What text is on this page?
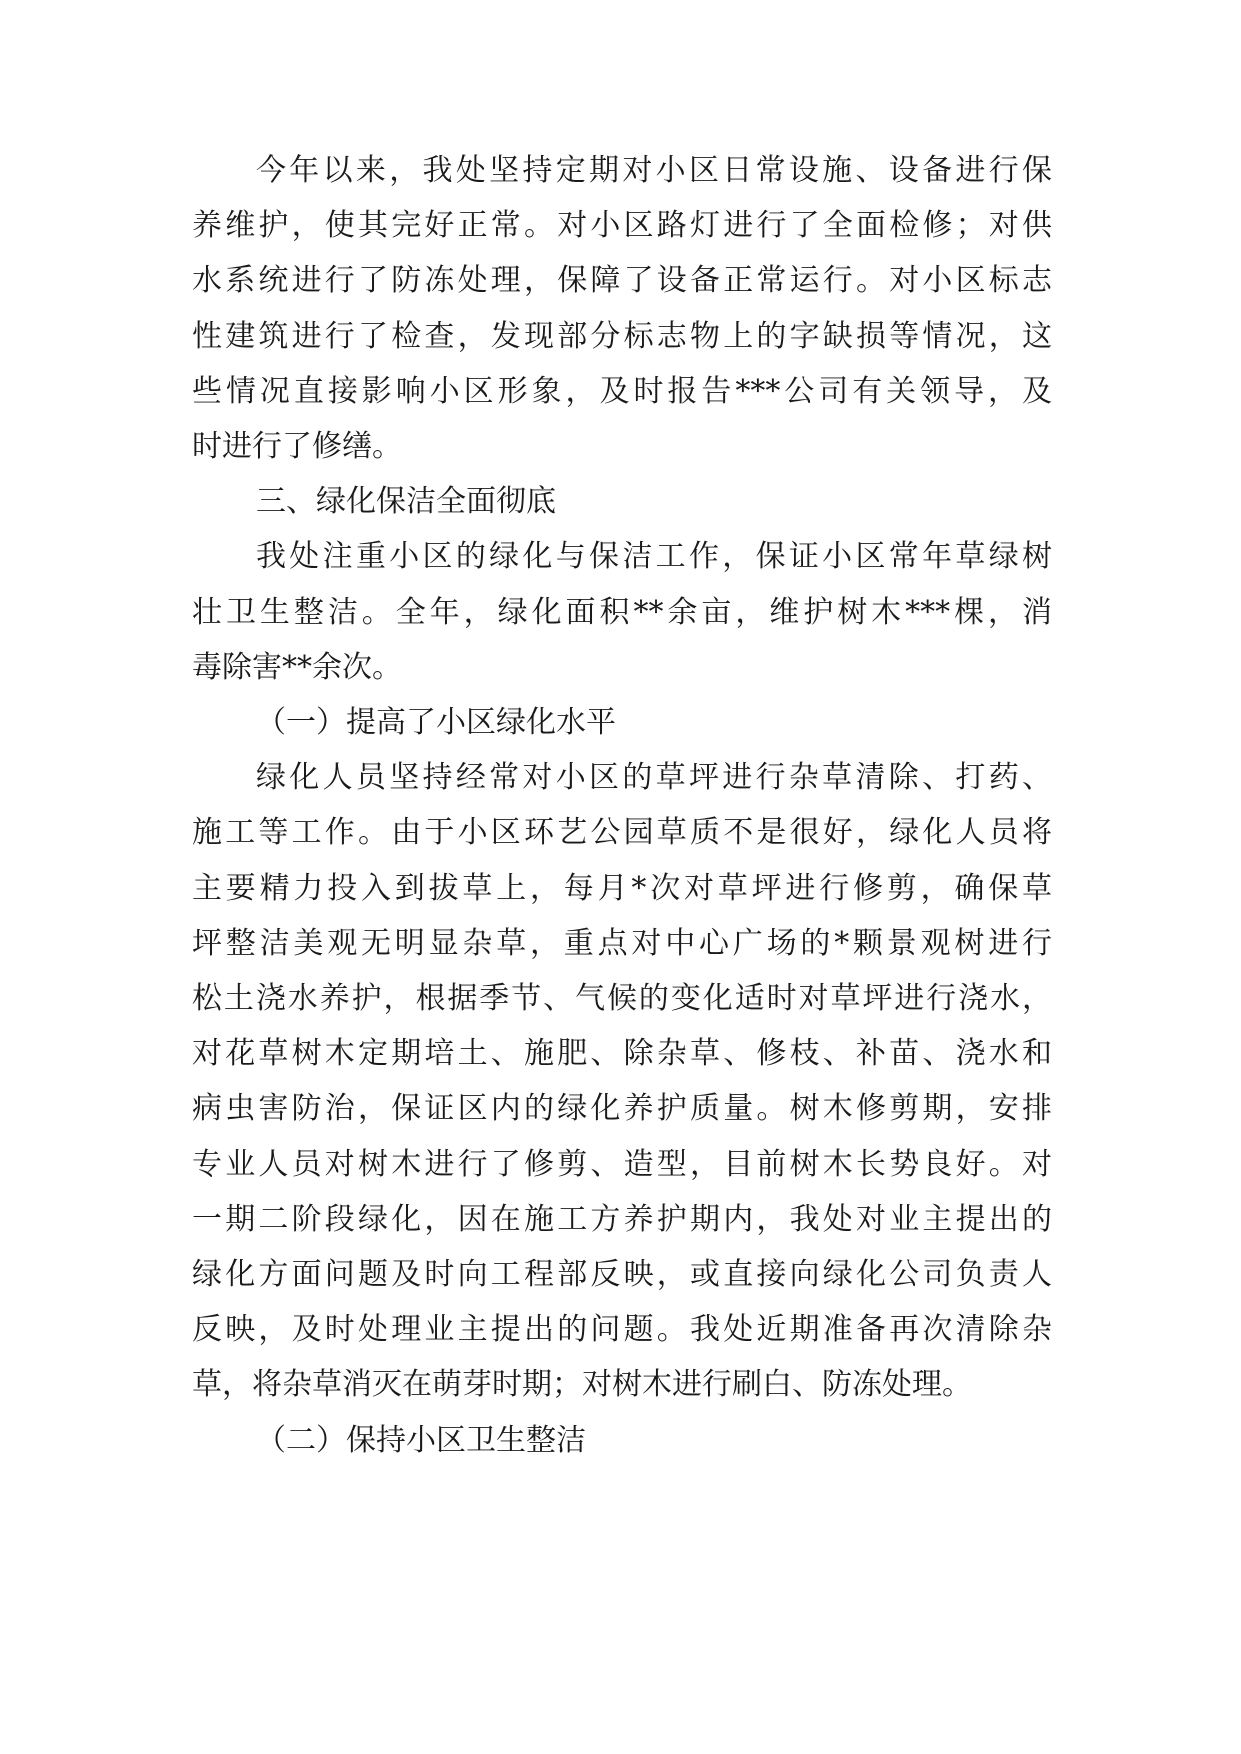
今年以来，我处坚持定期对小区日常设施、设备进行保
养维护，使其完好正常。对小区路灯进行了全面检修；对供
水系统进行了防冻处理，保障了设备正常运行。对小区标志
性建筑进行了检查，发现部分标志物上的字缺损等情况，这
些情况直接影响小区形象，及时报告***公司有关领导，及
时进行了修缮。
三、绿化保洁全面彻底
我处注重小区的绿化与保洁工作，保证小区常年草绿树
壮卫生整洁。全年，绿化面积**余亩，维护树木***棵，消
毒除害**余次。
（一）提高了小区绿化水平
绿化人员坚持经常对小区的草坪进行杂草清除、打药、
施工等工作。由于小区环艺公园草质不是很好，绿化人员将
主要精力投入到拔草上，每月*次对草坪进行修剪，确保草
坪整洁美观无明显杂草，重点对中心广场的*颗景观树进行
松土浇水养护，根据季节、气候的变化适时对草坪进行浇水，
对花草树木定期培土、施肥、除杂草、修枝、补苗、浇水和
病虫害防治，保证区内的绿化养护质量。树木修剪期，安排
专业人员对树木进行了修剪、造型，目前树木长势良好。对
一期二阶段绿化，因在施工方养护期内，我处对业主提出的
绿化方面问题及时向工程部反映，或直接向绿化公司负责人
反映，及时处理业主提出的问题。我处近期准备再次清除杂
草，将杂草消灭在萌芽时期；对树木进行刷白、防冻处理。
（二）保持小区卫生整洁
